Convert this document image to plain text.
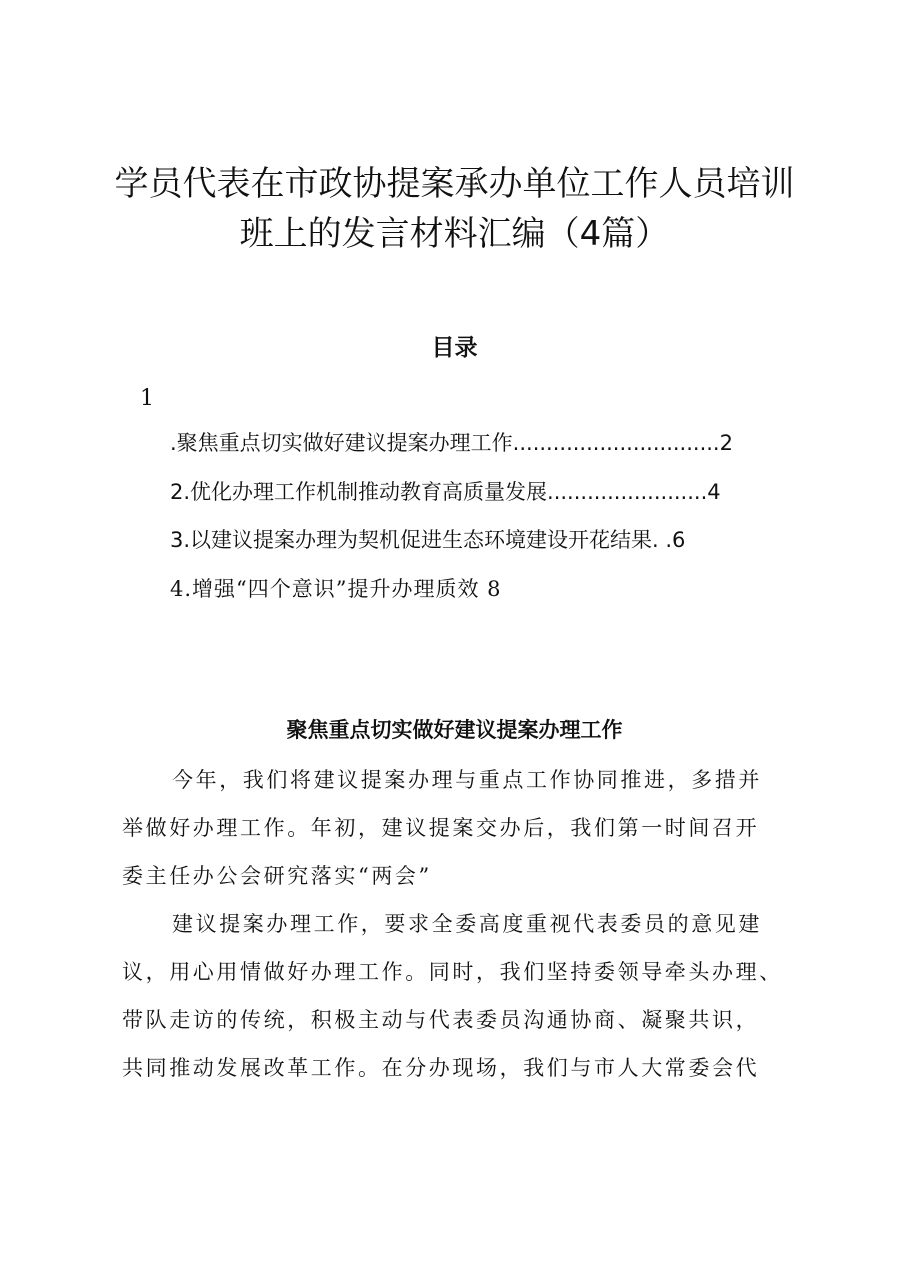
学员代表在市政协提案承办单位工作人员培训
班上的发言材料汇编（4篇）
目录
1
.聚焦重点切实做好建议提案办理工作...............................2
2.优化办理工作机制推动教育高质量发展........................4
3.以建议提案办理为契机促进生态环境建设开花结果. .6
4.增强“四个意识”提升办理质效 8
聚焦重点切实做好建议提案办理工作
今年，我们将建议提案办理与重点工作协同推进，多措并
举做好办理工作。年初，建议提案交办后，我们第一时间召开
委主任办公会研究落实“两会”
建议提案办理工作，要求全委高度重视代表委员的意见建
议，用心用情做好办理工作。同时，我们坚持委领导牵头办理、
带队走访的传统，积极主动与代表委员沟通协商、凝聚共识，
共同推动发展改革工作。在分办现场，我们与市人大常委会代
